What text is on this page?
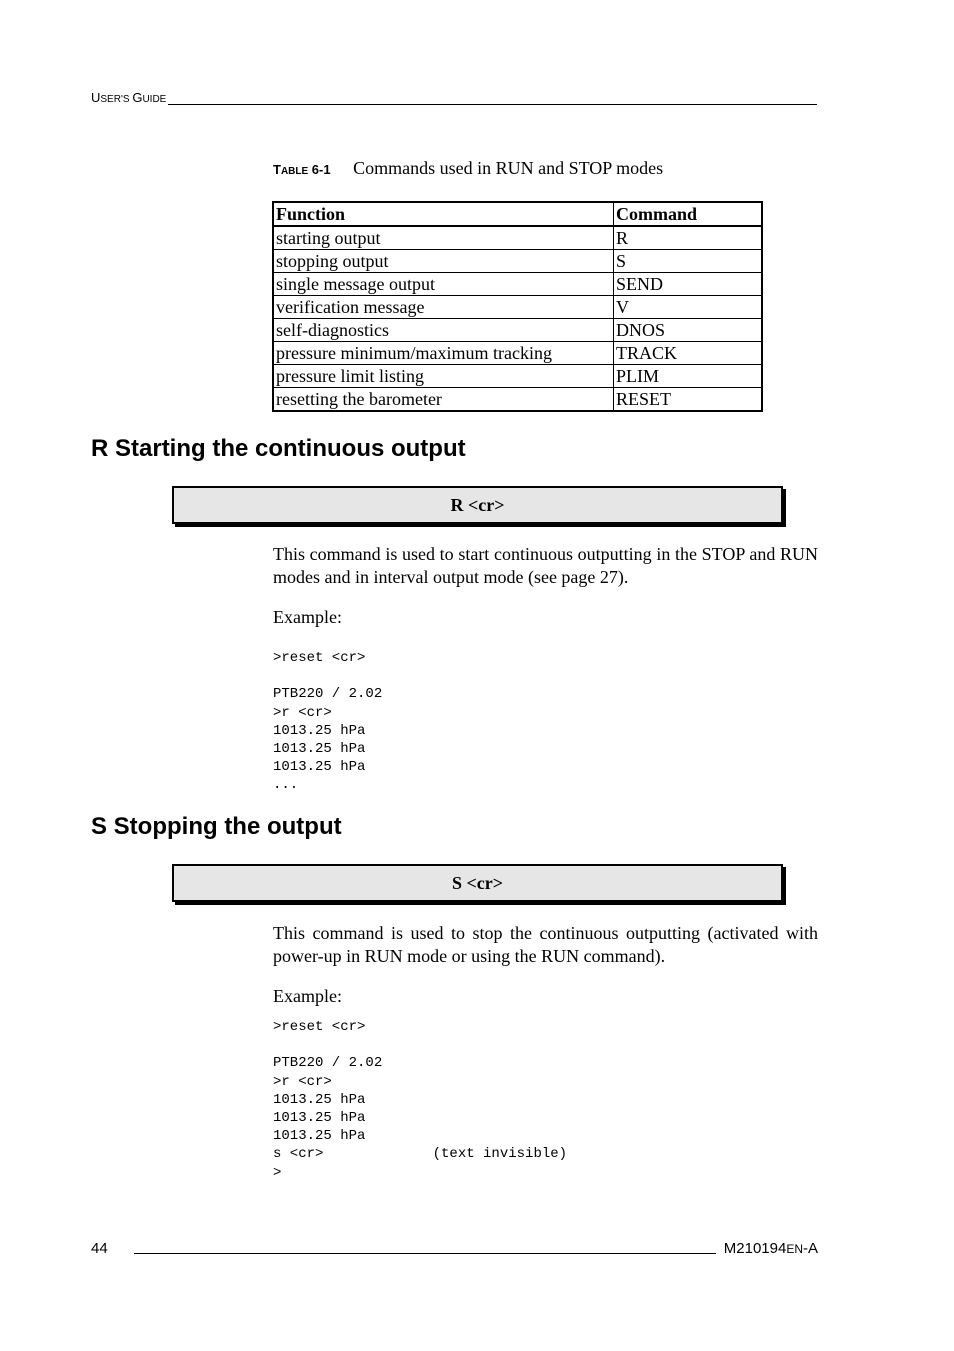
USER'S GUIDE
TABLE 6-1 Commands used in RUN and STOP modes
Function	Command
starting output	R
stopping output	S
single message output	SEND
verification message	V
self-diagnostics	DNOS
pressure minimum/maximum tracking	TRACK
pressure limit listing	PLIM
resetting the barometer	RESET
R Starting the continuous output
R <cr>

This command is used to start continuous outputting in the STOP and RUN modes and in interval output mode (see page 27).

Example:

>reset <cr>

PTB220 / 2.02
>r <cr>
1013.25 hPa
1013.25 hPa
1013.25 hPa
...
S Stopping the output
S <cr>

This command is used to stop the continuous outputting (activated with power-up in RUN mode or using the RUN command).

Example:

>reset <cr>

PTB220 / 2.02
>r <cr>
1013.25 hPa
1013.25 hPa
1013.25 hPa
s <cr>             (text invisible)
>
44	M210194EN-A
